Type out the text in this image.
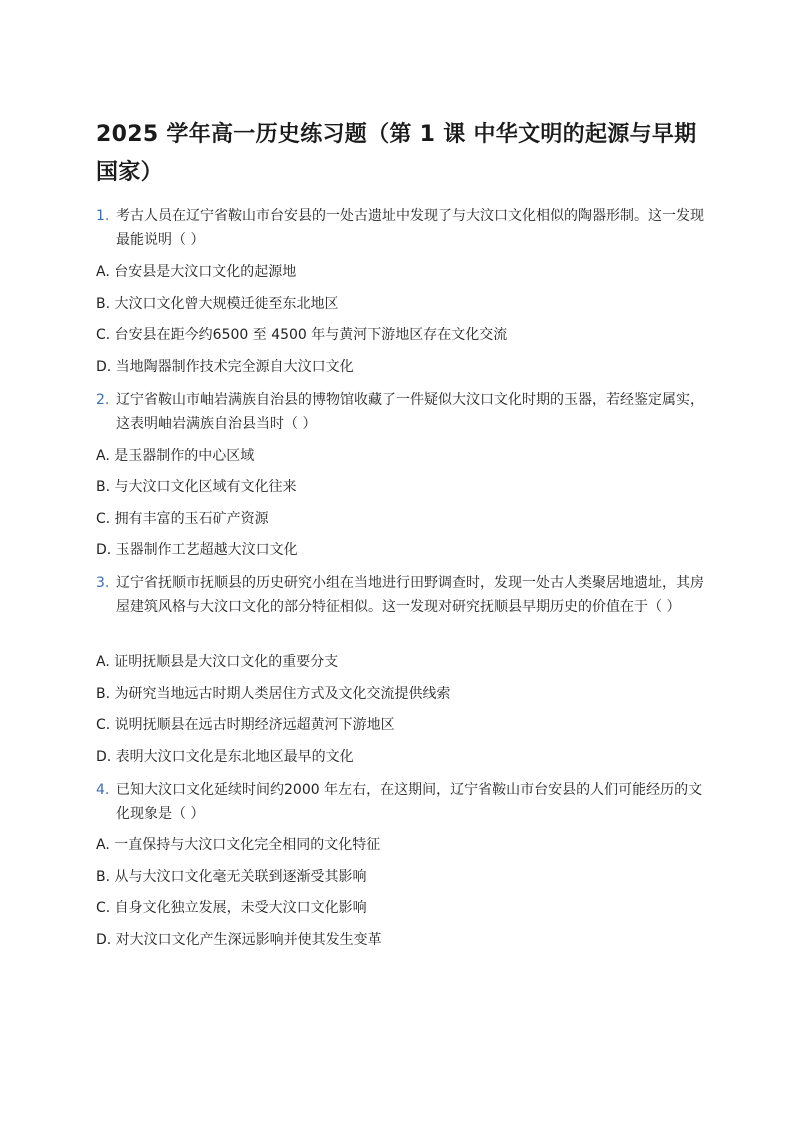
2025 学年高一历史练习题（第 1 课 中华文明的起源与早期国家）
1. 考古人员在辽宁省鞍山市台安县的一处古遗址中发现了与大汶口文化相似的陶器形制。这一发现最能说明（ ）
A. 台安县是大汶口文化的起源地
B. 大汶口文化曾大规模迁徙至东北地区
C. 台安县在距今约6500 至 4500 年与黄河下游地区存在文化交流
D. 当地陶器制作技术完全源自大汶口文化
2. 辽宁省鞍山市岫岩满族自治县的博物馆收藏了一件疑似大汶口文化时期的玉器，若经鉴定属实，这表明岫岩满族自治县当时（ ）
A. 是玉器制作的中心区域
B. 与大汶口文化区域有文化往来
C. 拥有丰富的玉石矿产资源
D. 玉器制作工艺超越大汶口文化
3. 辽宁省抚顺市抚顺县的历史研究小组在当地进行田野调查时，发现一处古人类聚居地遗址，其房屋建筑风格与大汶口文化的部分特征相似。这一发现对研究抚顺县早期历史的价值在于（ ）
A. 证明抚顺县是大汶口文化的重要分支
B. 为研究当地远古时期人类居住方式及文化交流提供线索
C. 说明抚顺县在远古时期经济远超黄河下游地区
D. 表明大汶口文化是东北地区最早的文化
4. 已知大汶口文化延续时间约2000 年左右，在这期间，辽宁省鞍山市台安县的人们可能经历的文化现象是（ ）
A. 一直保持与大汶口文化完全相同的文化特征
B. 从与大汶口文化毫无关联到逐渐受其影响
C. 自身文化独立发展，未受大汶口文化影响
D. 对大汶口文化产生深远影响并使其发生变革
